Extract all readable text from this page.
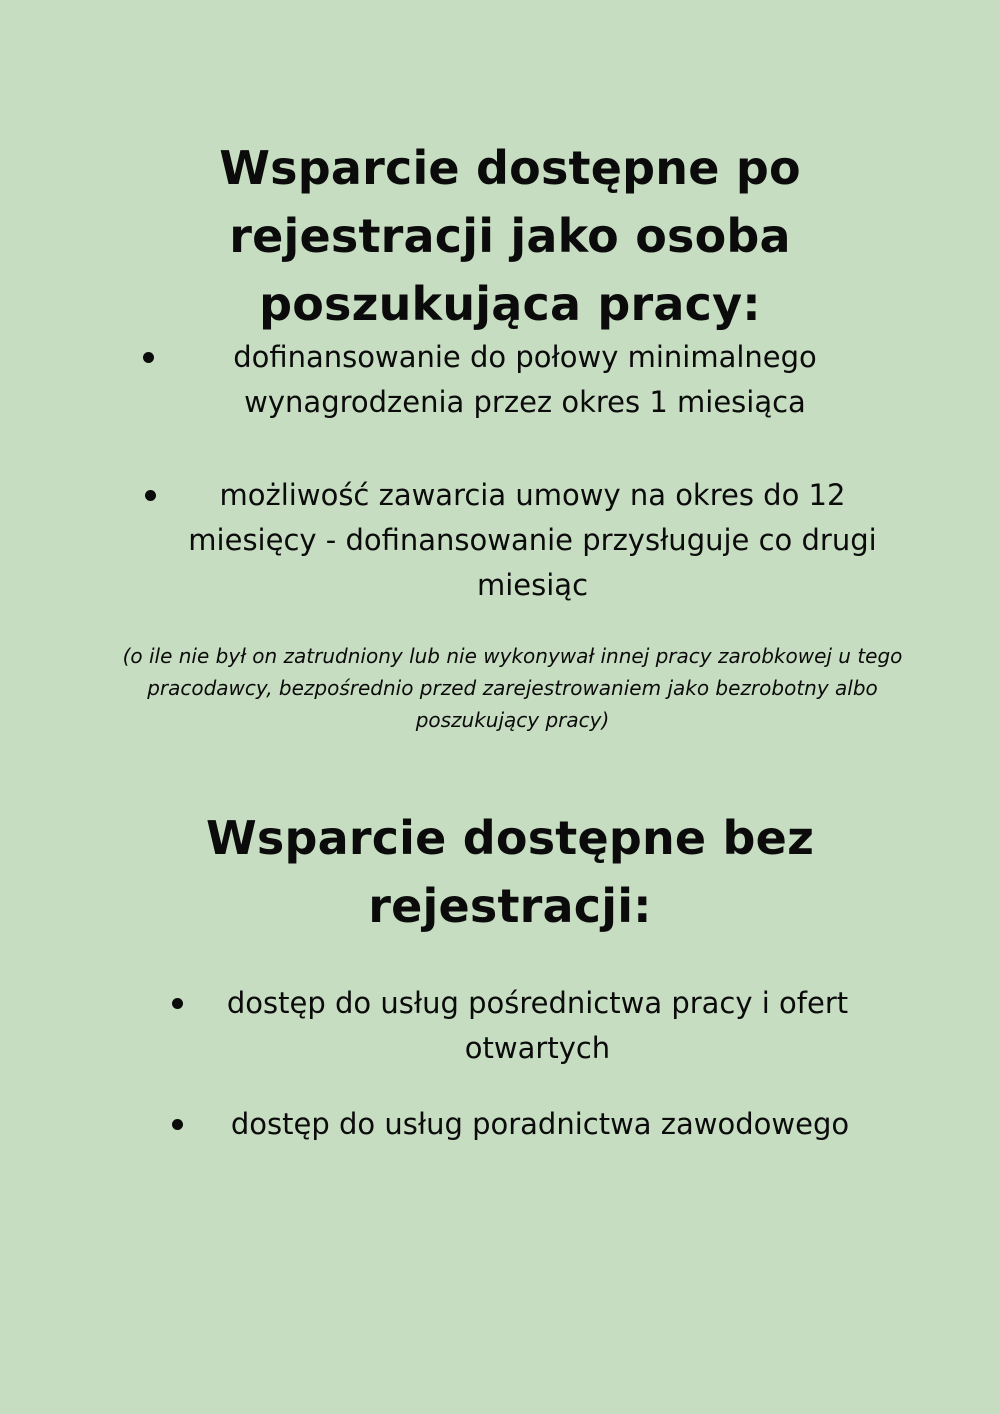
Wsparcie dostępne po rejestracji jako osoba poszukująca pracy:

dofinansowanie do połowy minimalnego wynagrodzenia przez okres 1 miesiąca

możliwość zawarcia umowy na okres do 12 miesięcy - dofinansowanie przysługuje co drugi miesiąc

(o ile nie był on zatrudniony lub nie wykonywał innej pracy zarobkowej u tego pracodawcy, bezpośrednio przed zarejestrowaniem jako bezrobotny albo poszukujący pracy)

Wsparcie dostępne bez rejestracji:

dostęp do usług pośrednictwa pracy i ofert otwartych

dostęp do usług poradnictwa zawodowego
